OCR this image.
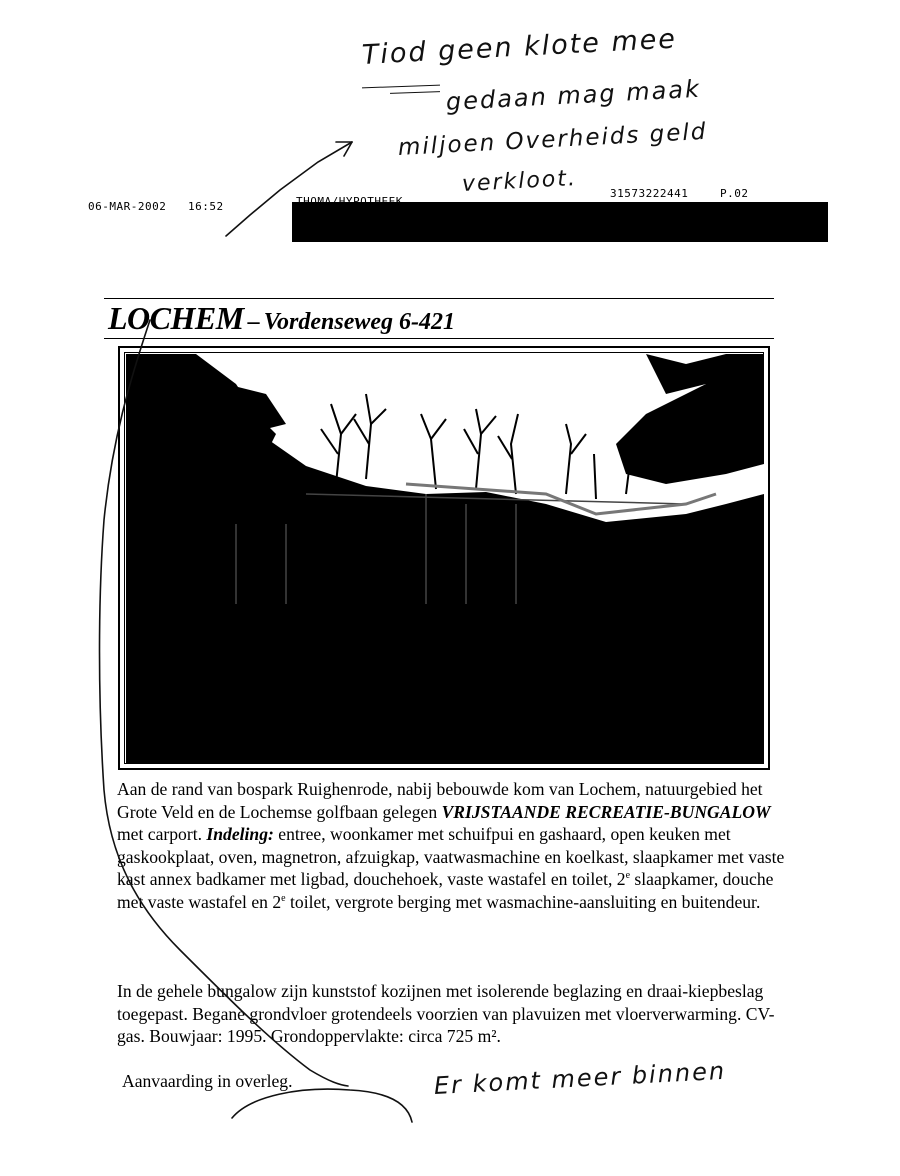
Tiod geen klote mee
gedaan mag maak
miljoen Overheids geld
verkloot.
06-MAR-2002 16:52
31573222441	P.02
LOCHEM – Vordenseweg 6-421

Aan de rand van bospark Ruighenrode, nabij bebouwde kom van Lochem, natuurgebied het Grote Veld en de Lochemse golfbaan gelegen VRIJSTAANDE RECREATIE-BUNGALOW met carport. Indeling: entree, woonkamer met schuifpui en gashaard, open keuken met gaskookplaat, oven, magnetron, afzuigkap, vaatwasmachine en koelkast, slaapkamer met vaste kast annex badkamer met ligbad, douchehoek, vaste wastafel en toilet, 2e slaapkamer, douche met vaste wastafel en 2e toilet, vergrote berging met wasmachine-aansluiting en buitendeur.

In de gehele bungalow zijn kunststof kozijnen met isolerende beglazing en draai-kiepbeslag toegepast. Begane grondvloer grotendeels voorzien van plavuizen met vloerverwarming. CV-gas. Bouwjaar: 1995. Grondoppervlakte: circa 725 m².

Aanvaarding in overleg.	Er komt meer binnen
